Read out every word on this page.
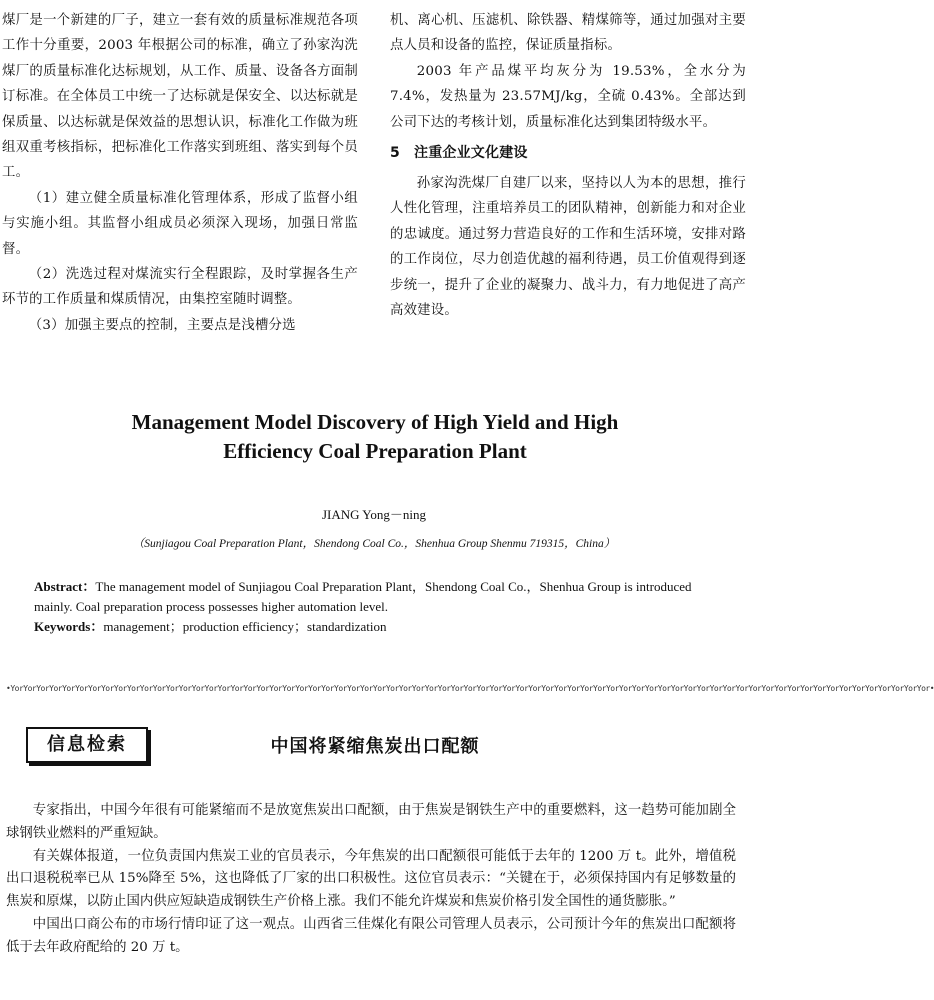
煤厂是一个新建的厂子，建立一套有效的质量标准规范各项工作十分重要，2003 年根据公司的标准，确立了孙家沟洗煤厂的质量标准化达标规划，从工作、质量、设备各方面制订标准。在全体员工中统一了达标就是保安全、以达标就是保质量、以达标就是保效益的思想认识，标准化工作做为班组双重考核指标，把标准化工作落实到班组、落实到每个员工。

（1）建立健全质量标准化管理体系，形成了监督小组与实施小组。其监督小组成员必须深入现场，加强日常监督。

（2）洗选过程对煤流实行全程跟踪，及时掌握各生产环节的工作质量和煤质情况，由集控室随时调整。

（3）加强主要点的控制，主要点是浅槽分选

机、离心机、压滤机、除铁器、精煤筛等，通过加强对主要点人员和设备的监控，保证质量指标。

2003 年产品煤平均灰分为 19.53%，全水分为 7.4%，发热量为 23.57MJ/kg，全硫 0.43%。全部达到公司下达的考核计划，质量标准化达到集团特级水平。

5 注重企业文化建设

孙家沟洗煤厂自建厂以来，坚持以人为本的思想，推行人性化管理，注重培养员工的团队精神，创新能力和对企业的忠诚度。通过努力营造良好的工作和生活环境，安排对路的工作岗位，尽力创造优越的福利待遇，员工价值观得到逐步统一，提升了企业的凝聚力、战斗力，有力地促进了高产高效建设。

Management Model Discovery of High Yield and High
Efficiency Coal Preparation Plant
JIANG Yong－ning
（Sunjiagou Coal Preparation Plant，Shendong Coal Co.，Shenhua Group Shenmu 719315，China）
Abstract：The management model of Sunjiagou Coal Preparation Plant，Shendong Coal Co.，Shenhua Group is introduced mainly. Coal preparation process possesses higher automation level.
Keywords：management；production efficiency；standardization
•YorYorYorYorYorYorYorYorYorYorYorYorYorYorYorYorYorYorYorYorYorYorYorYorYorYorYorYorYorYorYorYorYorYorYorYorYorYorYorYorYorYorYorYorYorYorYorYorYorYorYorYorYorYorYorYorYorYorYorYorYorYorYorYorYorYorYorYorYorYorYor•
信息检索	中国将紧缩焦炭出口配额

专家指出，中国今年很有可能紧缩而不是放宽焦炭出口配额，由于焦炭是钢铁生产中的重要燃料，这一趋势可能加剧全球钢铁业燃料的严重短缺。

有关媒体报道，一位负责国内焦炭工业的官员表示，今年焦炭的出口配额很可能低于去年的 1200 万 t。此外，增值税出口退税税率已从 15%降至 5%，这也降低了厂家的出口积极性。这位官员表示：“关键在于，必须保持国内有足够数量的焦炭和原煤，以防止国内供应短缺造成钢铁生产价格上涨。我们不能允许煤炭和焦炭价格引发全国性的通货膨胀。”

中国出口商公布的市场行情印证了这一观点。山西省三佳煤化有限公司管理人员表示，公司预计今年的焦炭出口配额将低于去年政府配给的 20 万 t。
